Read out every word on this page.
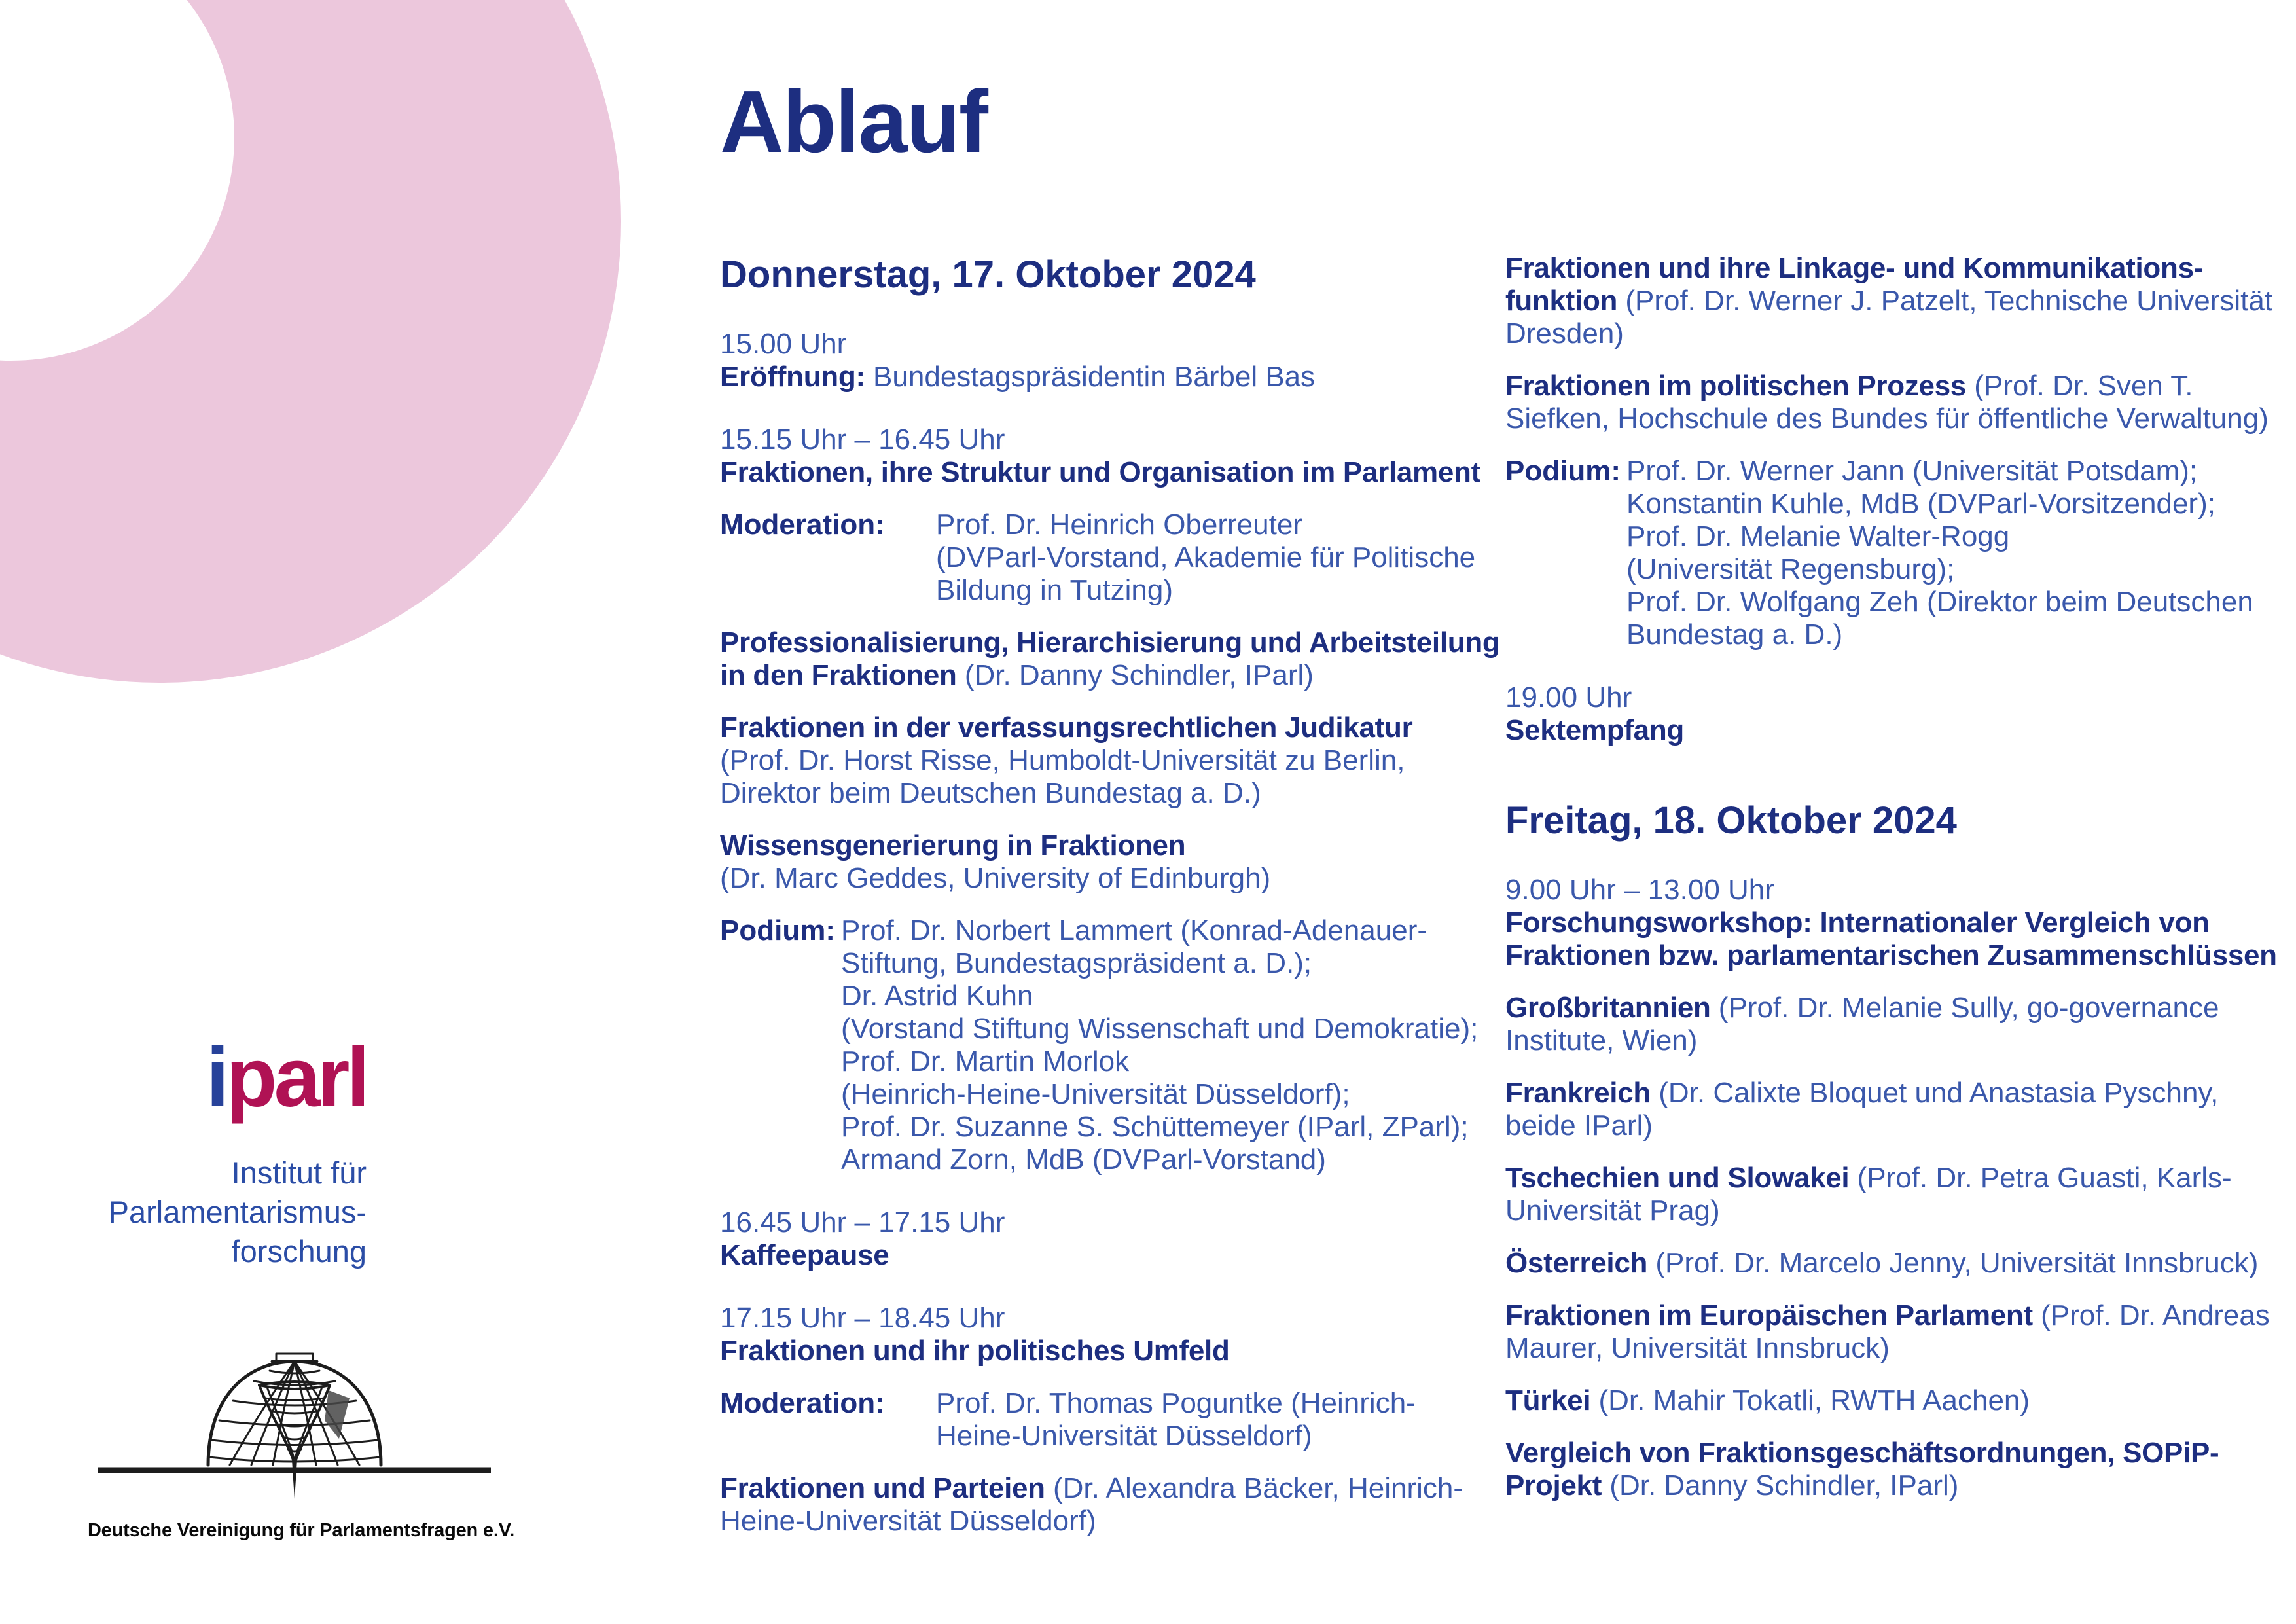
Ablauf
Donnerstag, 17. Oktober 2024
15.00 Uhr
Eröffnung: Bundestagspräsidentin Bärbel Bas
15.15 Uhr – 16.45 Uhr
Fraktionen, ihre Struktur und Organisation im Parlament
Moderation:	Prof. Dr. Heinrich Oberreuter
(DVParl-Vorstand, Akademie für Politische
Bildung in Tutzing)
Professionalisierung, Hierarchisierung und Arbeitsteilung
in den Fraktionen (Dr. Danny Schindler, IParl)
Fraktionen in der verfassungsrechtlichen Judikatur
(Prof. Dr. Horst Risse, Humboldt-Universität zu Berlin,
Direktor beim Deutschen Bundestag a. D.)
Wissensgenerierung in Fraktionen
(Dr. Marc Geddes, University of Edinburgh)
Podium: Prof. Dr. Norbert Lammert (Konrad-Adenauer-
Stiftung, Bundestagspräsident a. D.);
Dr. Astrid Kuhn
(Vorstand Stiftung Wissenschaft und Demokratie);
Prof. Dr. Martin Morlok
(Heinrich-Heine-Universität Düsseldorf);
Prof. Dr. Suzanne S. Schüttemeyer (IParl, ZParl);
Armand Zorn, MdB (DVParl-Vorstand)
16.45 Uhr – 17.15 Uhr
Kaffeepause
17.15 Uhr – 18.45 Uhr
Fraktionen und ihr politisches Umfeld
Moderation:	Prof. Dr. Thomas Poguntke (Heinrich-
Heine-Universität Düsseldorf)
Fraktionen und Parteien (Dr. Alexandra Bäcker, Heinrich-
Heine-Universität Düsseldorf)
Fraktionen und ihre Linkage- und Kommunikations-
funktion (Prof. Dr. Werner J. Patzelt, Technische Universität
Dresden)
Fraktionen im politischen Prozess (Prof. Dr. Sven T.
Siefken, Hochschule des Bundes für öffentliche Verwaltung)
Podium: Prof. Dr. Werner Jann (Universität Potsdam);
Konstantin Kuhle, MdB (DVParl-Vorsitzender);
Prof. Dr. Melanie Walter-Rogg
(Universität Regensburg);
Prof. Dr. Wolfgang Zeh (Direktor beim Deutschen
Bundestag a. D.)
19.00 Uhr
Sektempfang
Freitag, 18. Oktober 2024
9.00 Uhr – 13.00 Uhr
Forschungsworkshop: Internationaler Vergleich von
Fraktionen bzw. parlamentarischen Zusammenschlüssen
Großbritannien (Prof. Dr. Melanie Sully, go-governance
Institute, Wien)
Frankreich (Dr. Calixte Bloquet und Anastasia Pyschny,
beide IParl)
Tschechien und Slowakei (Prof. Dr. Petra Guasti, Karls-
Universität Prag)
Österreich (Prof. Dr. Marcelo Jenny, Universität Innsbruck)
Fraktionen im Europäischen Parlament (Prof. Dr. Andreas
Maurer, Universität Innsbruck)
Türkei (Dr. Mahir Tokatli, RWTH Aachen)
Vergleich von Fraktionsgeschäftsordnungen, SOPiP-
Projekt (Dr. Danny Schindler, IParl)
iparl
Institut für
Parlamentarismus-
forschung
Deutsche Vereinigung für Parlamentsfragen e.V.
